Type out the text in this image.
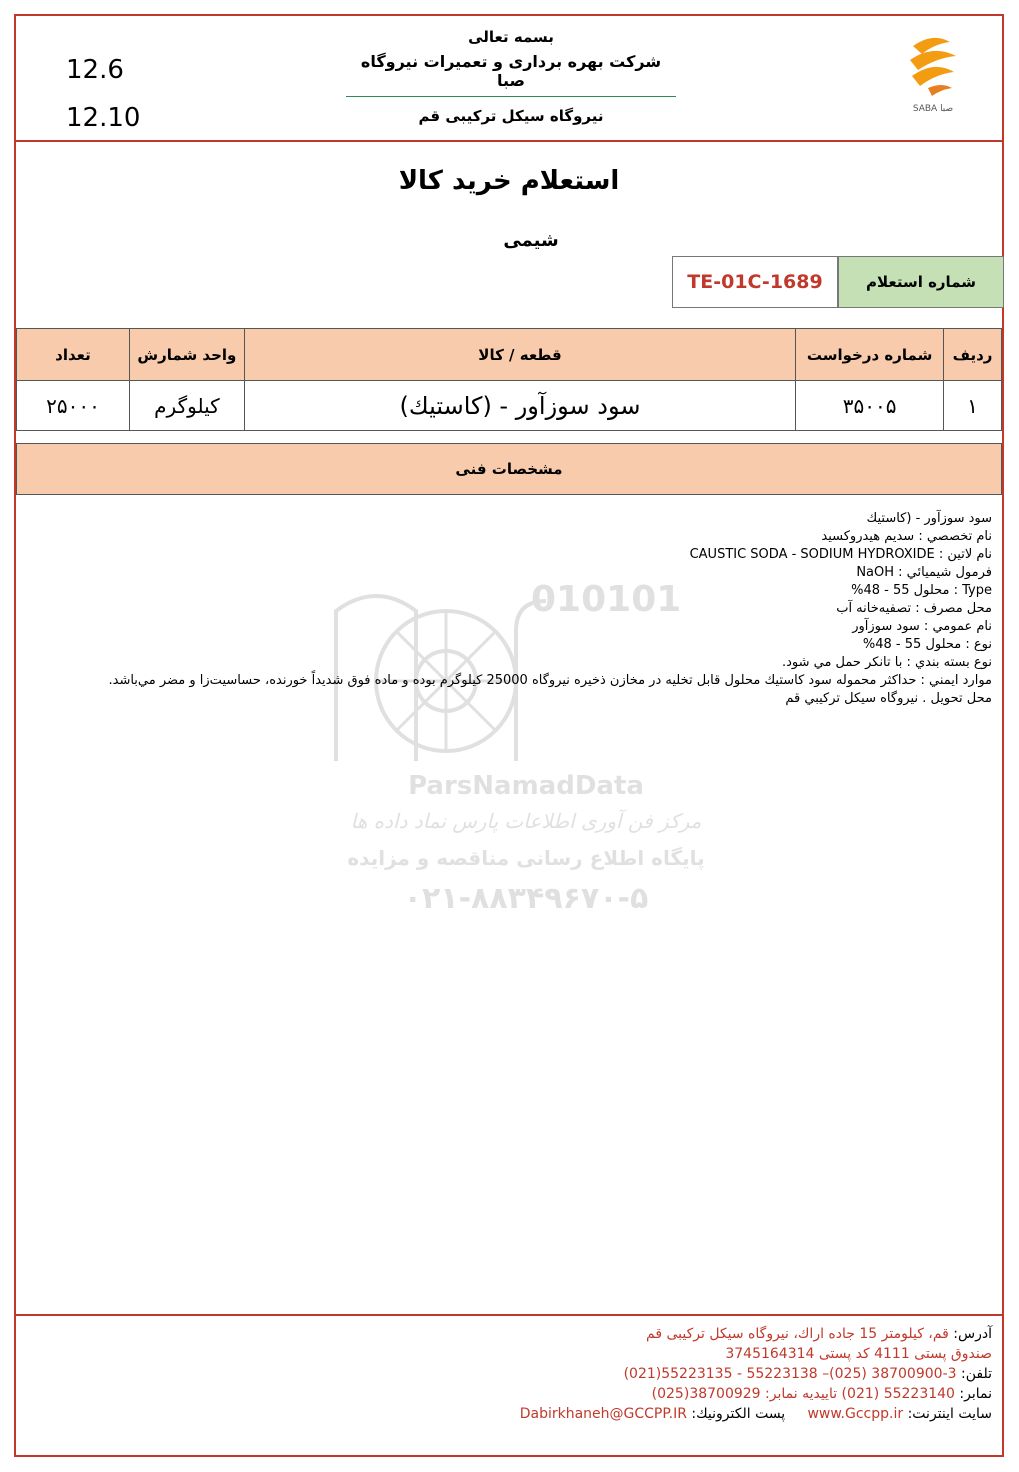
12.6
12.10
بسمه تعالی
شرکت بهره برداری و تعمیرات نیروگاه صبا
نیروگاه سیکل ترکیبی قم	SABA صبا
استعلام خرید کالا
شیمی
شماره استعلام
TE-01C-1689
ردیف	شماره درخواست	قطعه / کالا	واحد شمارش	تعداد
۱	۳۵۰۰۵	سود سوزآور - (کاستیك)	کیلوگرم	۲۵۰۰۰
مشخصات فنی
010101
ParsNamadData
مرکز فن آوری اطلاعات پارس نماد داده ها
پایگاه اطلاع رسانی مناقصه و مزایده
۰۲۱-۸۸۳۴۹۶۷۰-۵
سود سوزآور - (کاستيك
نام تخصصي : سديم هيدروكسيد
نام لاتين : CAUSTIC SODA - SODIUM HYDROXIDE
فرمول شيميائي : NaOH
Type : محلول 55 - 48%
محل مصرف : تصفيه‌خانه آب
نام عمومي : سود سوزآور
نوع : محلول 55 - 48%
نوع بسته بندي : با تانكر حمل مي شود.
موارد ايمني : حداكثر محموله سود كاستيك محلول قابل تخليه در مخازن ذخيره نيروگاه 25000 كيلوگرم بوده و ماده فوق شديداً خورنده، حساسيت‌زا و مضر مي‌باشد.
محل تحويل . نيروگاه سيكل تركيبي قم
آدرس: قم، کیلومتر 15 جاده اراك، نیروگاه سیکل ترکیبی قم
صندوق پستی 4111 کد پستی 3745164314
تلفن: 3-38700900 (025)– 55223138 - 55223135(021)
نمابر: 55223140 (021) تاییدیه نمابر: 38700929(025)
سایت اینترنت: www.Gccpp.ir     پست الکترونیك: Dabirkhaneh@GCCPP.IR
